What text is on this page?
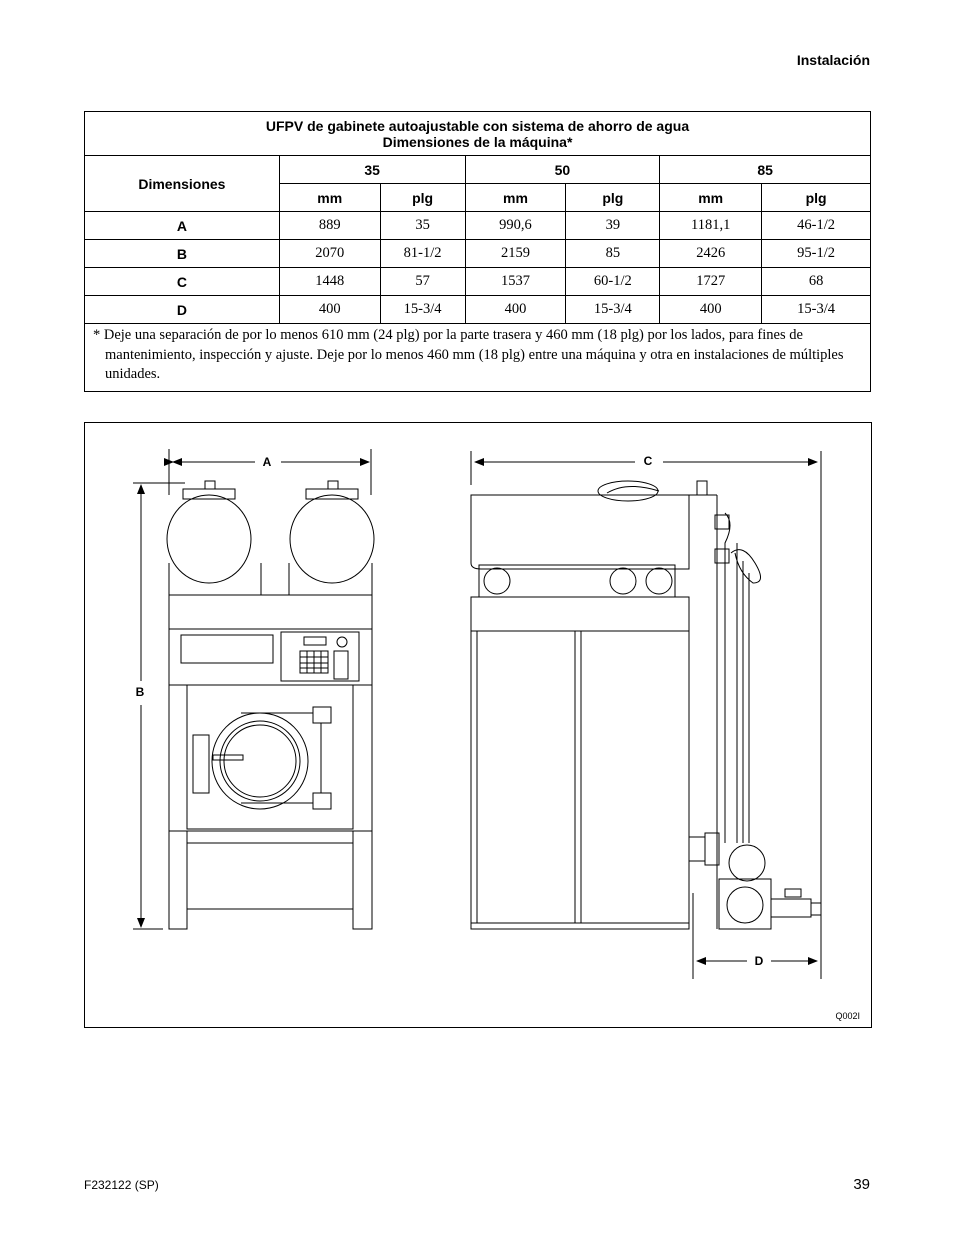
Instalación
UFPV de gabinete autoajustable con sistema de ahorro de agua
Dimensiones de la máquina*						
Dimensiones	35		50		85	
	mm	plg	mm	plg	mm	plg
A	889	35	990,6	39	1181,1	46-1/2
B	2070	81-1/2	2159	85	2426	95-1/2
C	1448	57	1537	60-1/2	1727	68
D	400	15-3/4	400	15-3/4	400	15-3/4

* Deje una separación de por lo menos 610 mm (24 plg) por la parte trasera y 460 mm (18 plg) por los lados, para fines de mantenimiento, inspección y ajuste. Deje por lo menos 460 mm (18 plg) entre una máquina y otra en instalaciones de múltiples unidades.						
A
B
C
D
Q002I
F232122 (SP)	39
